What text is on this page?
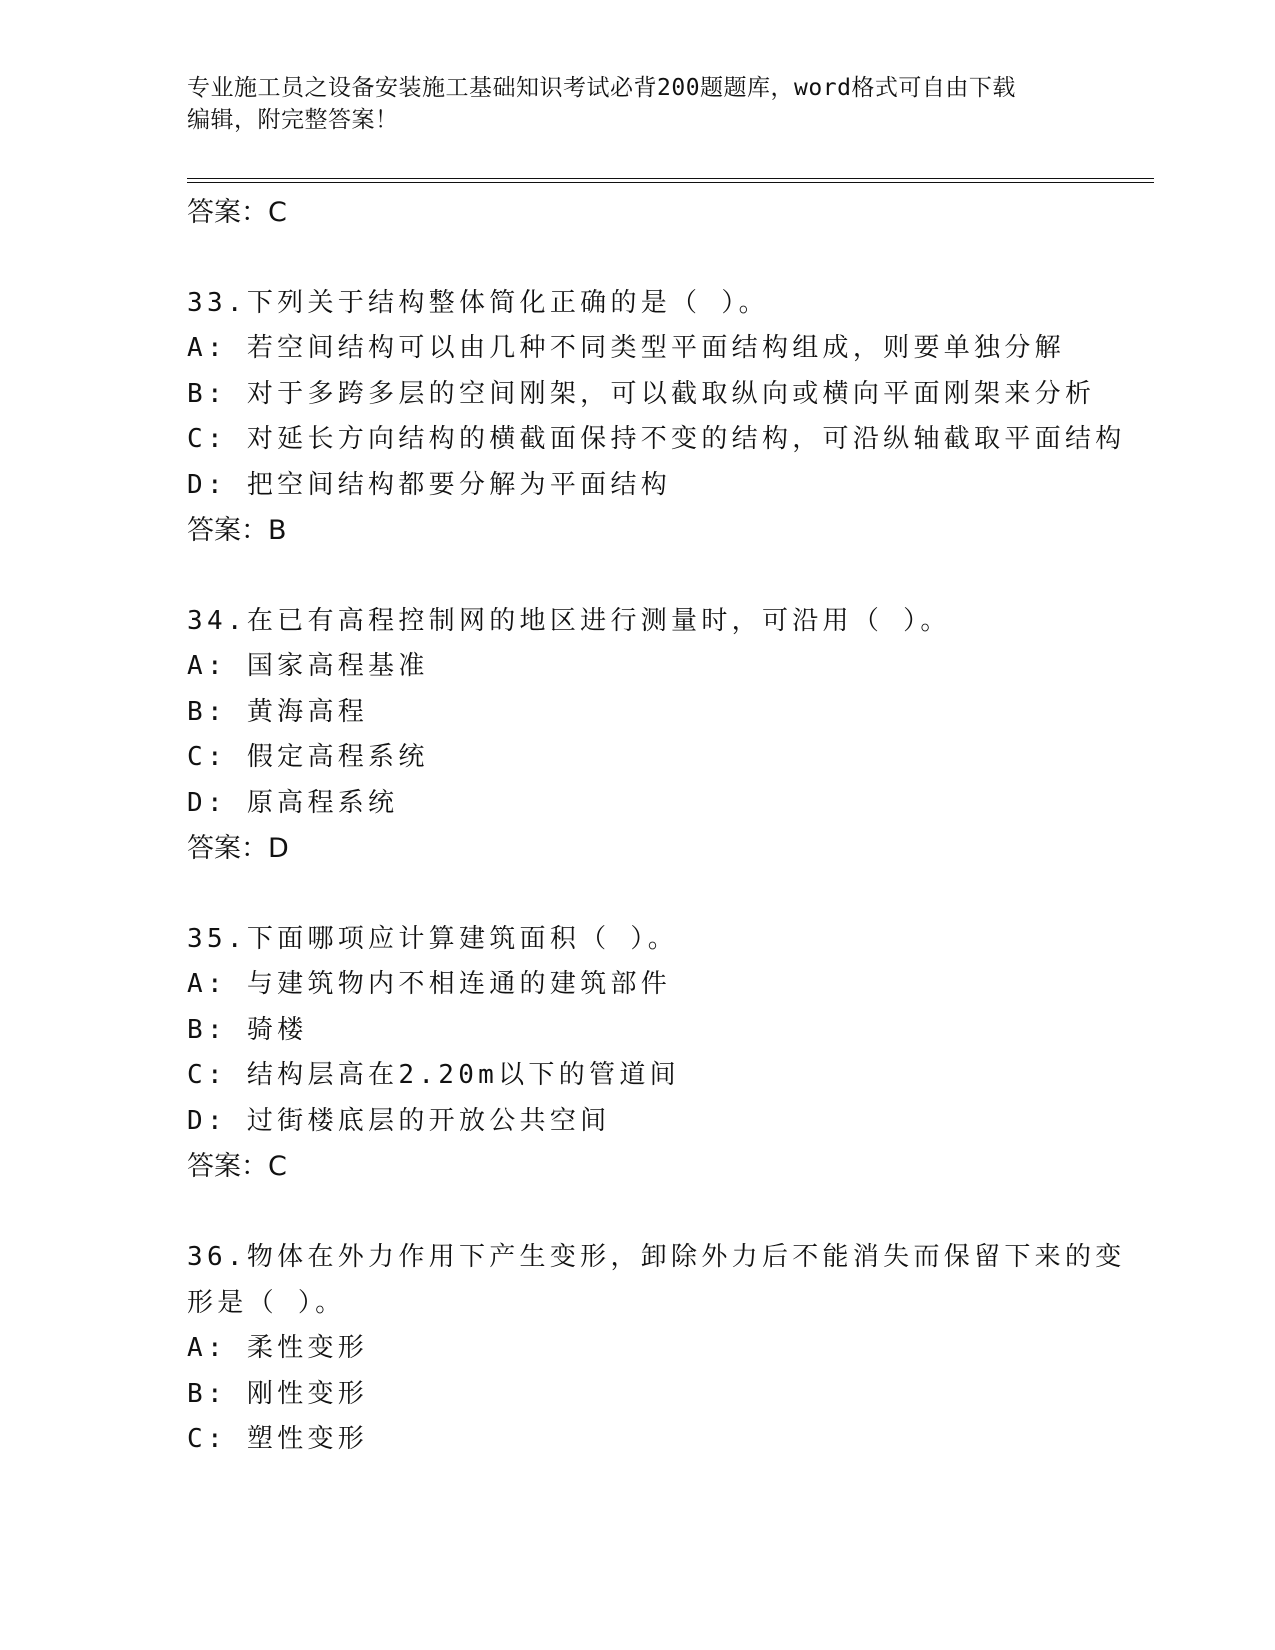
专业施工员之设备安装施工基础知识考试必背200题题库，word格式可自由下载
编辑，附完整答案！
答案：C
33.下列关于结构整体简化正确的是（ ）。
A: 若空间结构可以由几种不同类型平面结构组成，则要单独分解
B: 对于多跨多层的空间刚架，可以截取纵向或横向平面刚架来分析
C: 对延长方向结构的横截面保持不变的结构，可沿纵轴截取平面结构
D: 把空间结构都要分解为平面结构
答案：B
34.在已有高程控制网的地区进行测量时，可沿用（ ）。
A: 国家高程基准
B: 黄海高程
C: 假定高程系统
D: 原高程系统
答案：D
35.下面哪项应计算建筑面积（ ）。
A: 与建筑物内不相连通的建筑部件
B: 骑楼
C: 结构层高在2.20m以下的管道间
D: 过街楼底层的开放公共空间
答案：C
36.物体在外力作用下产生变形，卸除外力后不能消失而保留下来的变形是（ ）。
A: 柔性变形
B: 刚性变形
C: 塑性变形
